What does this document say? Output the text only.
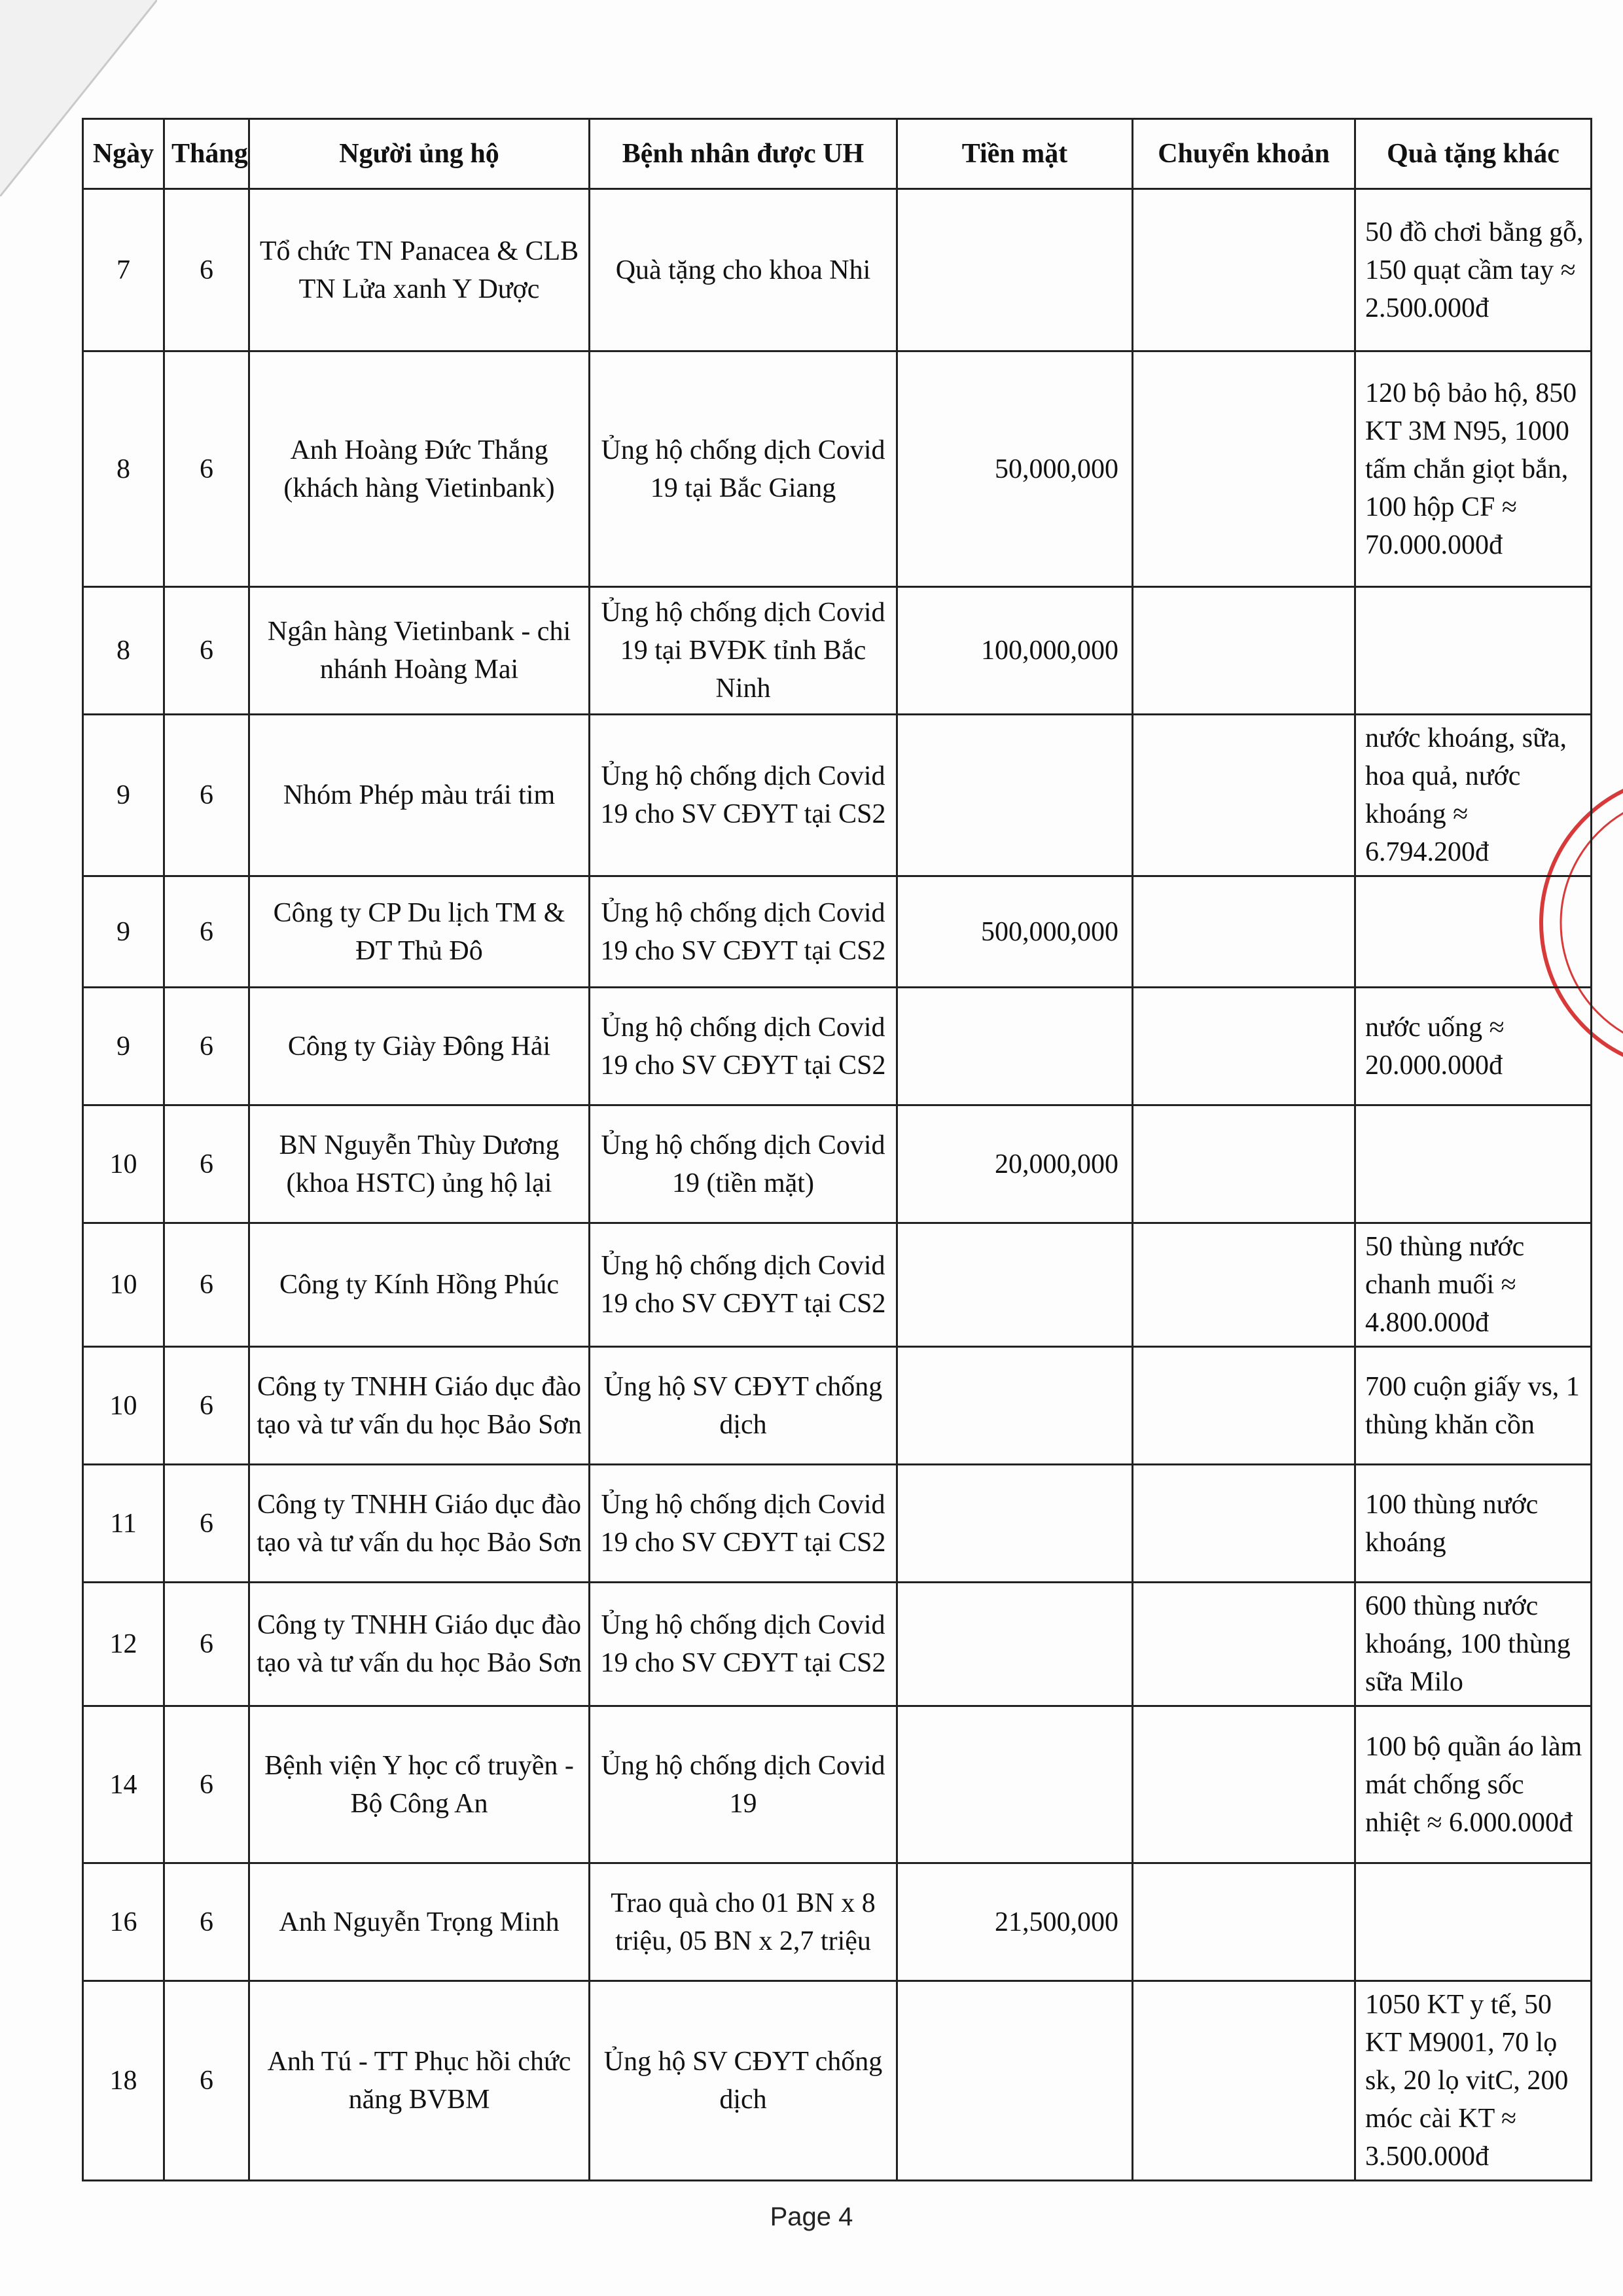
Ngày	Tháng	Người ủng hộ	Bệnh nhân được UH	Tiền mặt	Chuyển khoản	Quà tặng khác
7	6	Tổ chức TN Panacea & CLB TN Lửa xanh Y Dược	Quà tặng cho khoa Nhi			50 đồ chơi bằng gỗ, 150 quạt cầm tay ≈ 2.500.000đ
8	6	Anh Hoàng Đức Thắng (khách hàng Vietinbank)	Ủng hộ chống dịch Covid 19 tại Bắc Giang	50,000,000		120 bộ bảo hộ, 850 KT 3M N95, 1000 tấm chắn giọt bắn, 100 hộp CF ≈ 70.000.000đ
8	6	Ngân hàng Vietinbank - chi nhánh Hoàng Mai	Ủng hộ chống dịch Covid 19 tại BVĐK tỉnh Bắc Ninh	100,000,000		
9	6	Nhóm Phép màu trái tim	Ủng hộ chống dịch Covid 19 cho SV CĐYT tại CS2			nước khoáng, sữa, hoa quả, nước khoáng ≈ 6.794.200đ
9	6	Công ty CP Du lịch TM & ĐT Thủ Đô	Ủng hộ chống dịch Covid 19 cho SV CĐYT tại CS2	500,000,000		
9	6	Công ty Giày Đông Hải	Ủng hộ chống dịch Covid 19 cho SV CĐYT tại CS2			nước uống ≈ 20.000.000đ
10	6	BN Nguyễn Thùy Dương (khoa HSTC) ủng hộ lại	Ủng hộ chống dịch Covid 19 (tiền mặt)	20,000,000		
10	6	Công ty Kính Hồng Phúc	Ủng hộ chống dịch Covid 19 cho SV CĐYT tại CS2			50 thùng nước chanh muối ≈ 4.800.000đ
10	6	Công ty TNHH Giáo dục đào tạo và tư vấn du học Bảo Sơn	Ủng hộ SV CĐYT chống dịch			700 cuộn giấy vs, 1 thùng khăn cồn
11	6	Công ty TNHH Giáo dục đào tạo và tư vấn du học Bảo Sơn	Ủng hộ chống dịch Covid 19 cho SV CĐYT tại CS2			100 thùng nước khoáng
12	6	Công ty TNHH Giáo dục đào tạo và tư vấn du học Bảo Sơn	Ủng hộ chống dịch Covid 19 cho SV CĐYT tại CS2			600 thùng nước khoáng, 100 thùng sữa Milo
14	6	Bệnh viện Y học cổ truyền - Bộ Công An	Ủng hộ chống dịch Covid 19			100 bộ quần áo làm mát chống sốc nhiệt ≈ 6.000.000đ
16	6	Anh Nguyễn Trọng Minh	Trao quà cho 01 BN x 8 triệu, 05 BN x 2,7 triệu	21,500,000		
18	6	Anh Tú - TT Phục hồi chức năng BVBM	Ủng hộ SV CĐYT chống dịch			1050 KT y tế, 50 KT M9001, 70 lọ sk, 20 lọ vitC, 200 móc cài KT ≈ 3.500.000đ
Page 4
